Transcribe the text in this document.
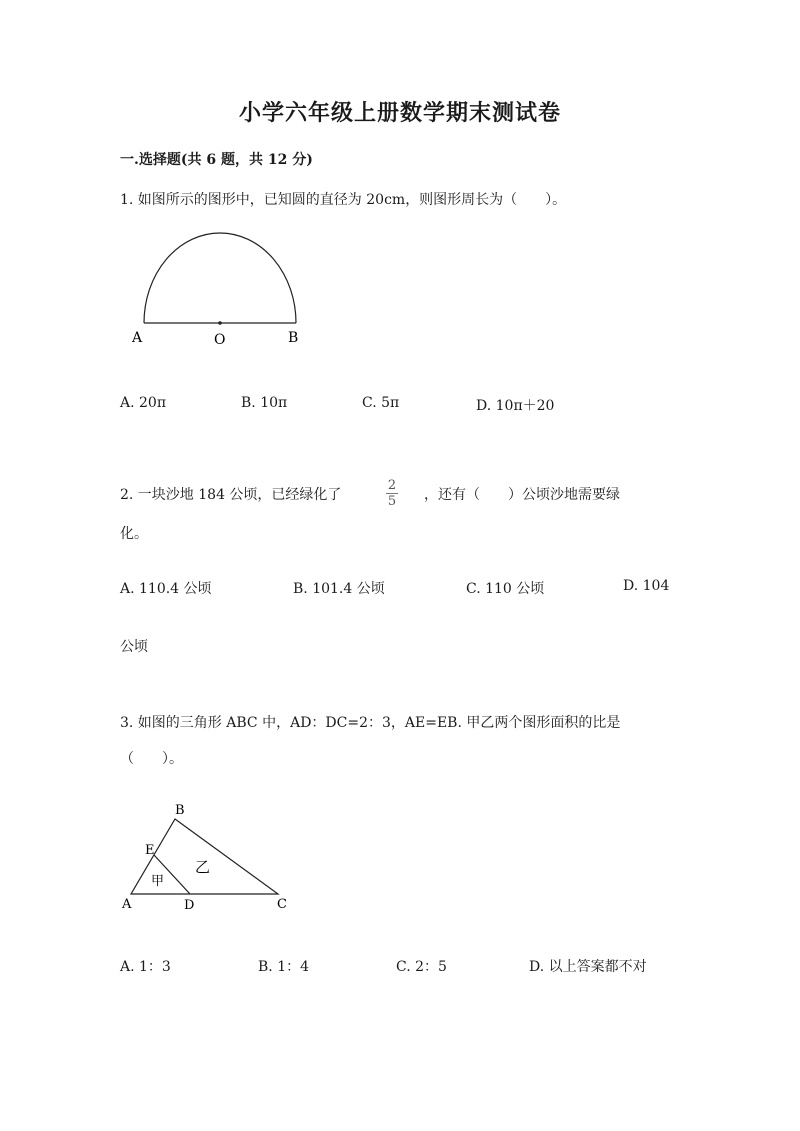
小学六年级上册数学期末测试卷
一.选择题(共 6 题，共 12 分)
1. 如图所示的图形中，已知圆的直径为 20cm，则图形周长为（　　）。
A	O	B
A. 20π	B. 10π	C. 5π	D. 10π＋20
2. 一块沙地 184 公顷，已经绿化了
2
5 ，还有（　　）公顷沙地需要绿
化。
A. 110.4 公顷	B. 101.4 公顷	C. 110 公顷	D. 104
公顷
3. 如图的三角形 ABC 中，AD：DC=2：3，AE=EB. 甲乙两个图形面积的比是
（　　）。
B
E
A	D	C
甲
乙
A. 1：3	B. 1：4	C. 2：5	D. 以上答案都不对
